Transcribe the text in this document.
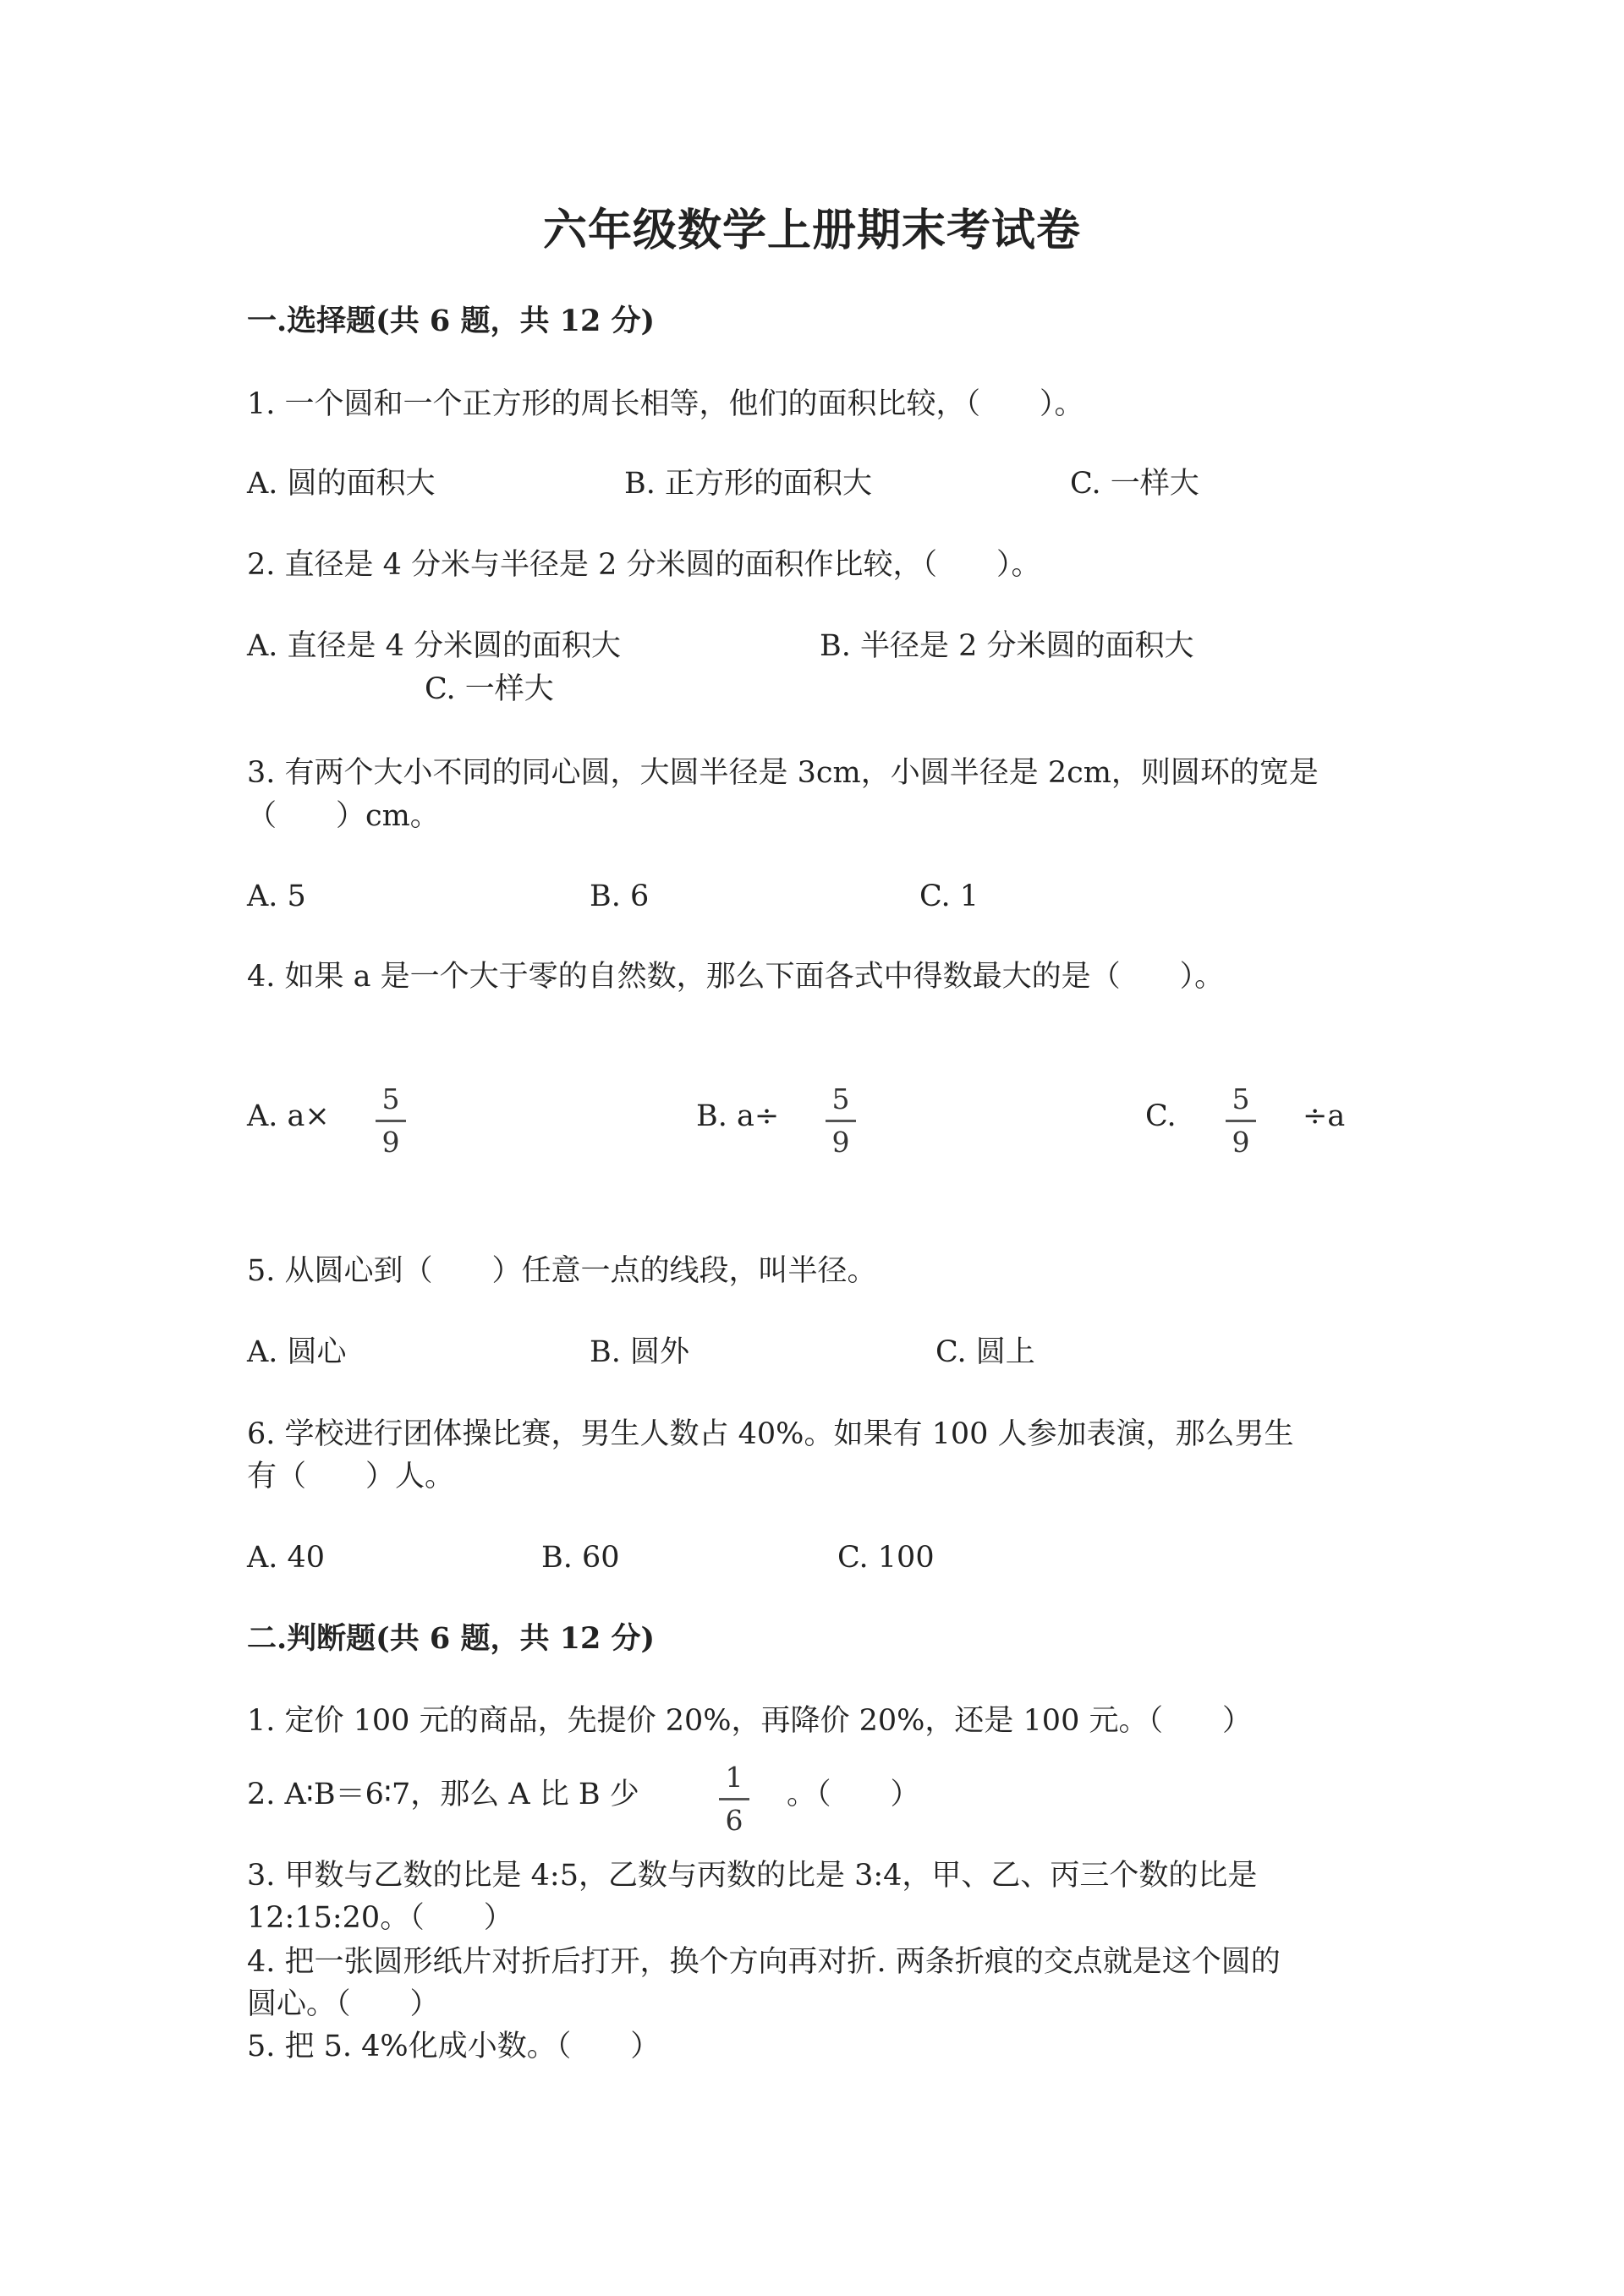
六年级数学上册期末考试卷
一.选择题(共 6 题，共 12 分)
1. 一个圆和一个正方形的周长相等，他们的面积比较，（　　）。
A. 圆的面积大	B. 正方形的面积大	C. 一样大
2. 直径是 4 分米与半径是 2 分米圆的面积作比较，（　　）。
A. 直径是 4 分米圆的面积大	B. 半径是 2 分米圆的面积大
C. 一样大
3. 有两个大小不同的同心圆，大圆半径是 3cm，小圆半径是 2cm，则圆环的宽是
（　　）cm。
A. 5	B. 6	C. 1
4. 如果 a 是一个大于零的自然数，那么下面各式中得数最大的是（　　）。
A. a×
5
9
B. a÷
5
9
C.
5
9
÷a
5. 从圆心到（　　）任意一点的线段，叫半径。
A. 圆心	B. 圆外	C. 圆上
6. 学校进行团体操比赛，男生人数占 40%。如果有 100 人参加表演，那么男生
有（　　）人。
A. 40	B. 60	C. 100
二.判断题(共 6 题，共 12 分)
1. 定价 100 元的商品，先提价 20%，再降价 20%，还是 100 元。（　　）
2. A∶B＝6∶7，那么 A 比 B 少
1
6
。（　　）
3. 甲数与乙数的比是 4:5，乙数与丙数的比是 3:4，甲、乙、丙三个数的比是
12:15:20。（　　）
4. 把一张圆形纸片对折后打开，换个方向再对折. 两条折痕的交点就是这个圆的
圆心。（　　）
5. 把 5. 4%化成小数。（　　）
